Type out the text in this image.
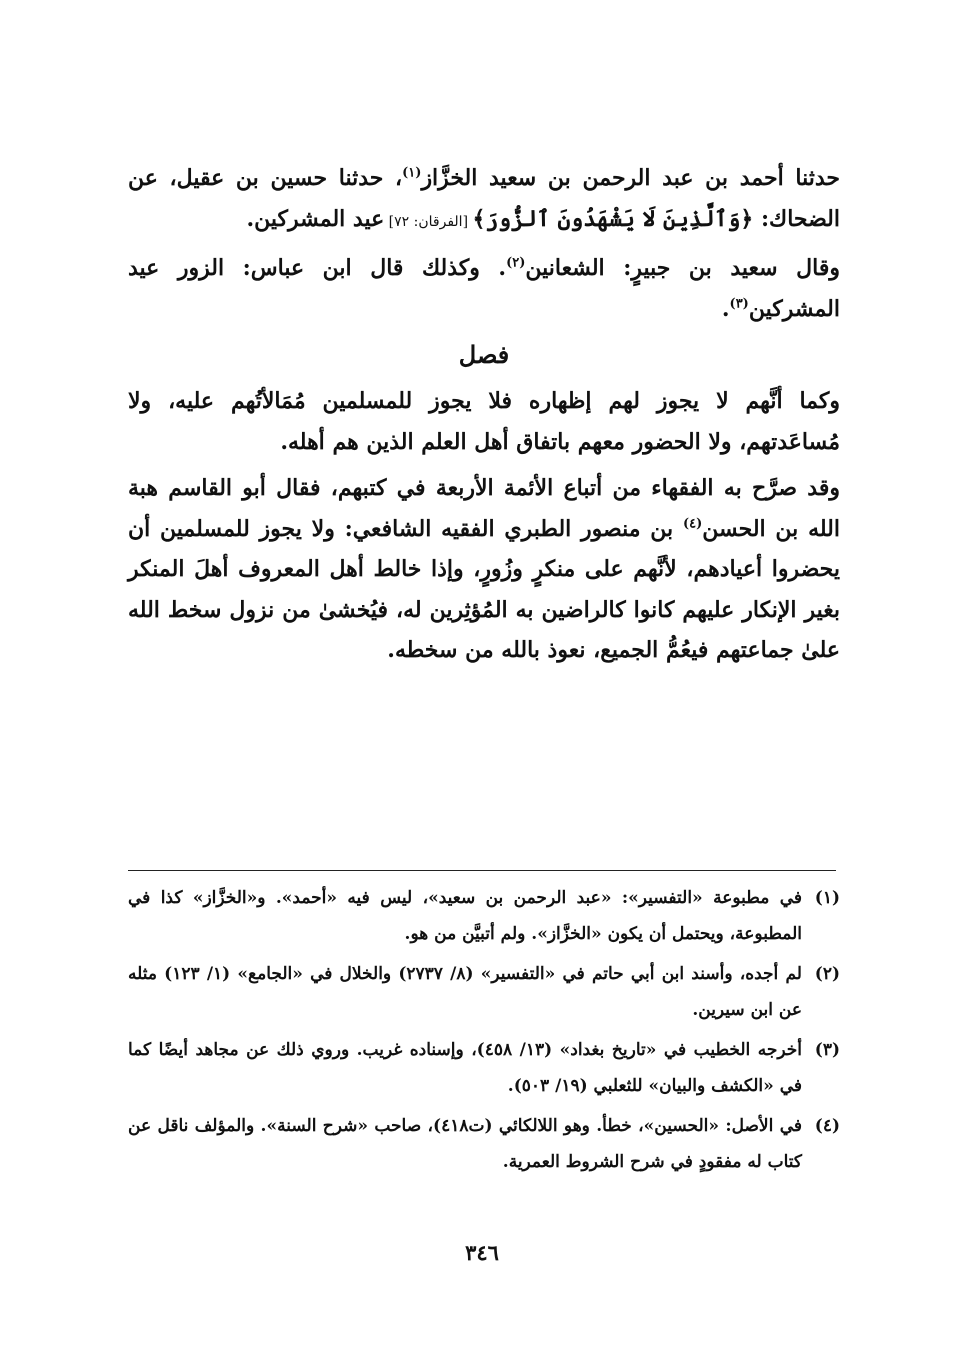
حدثنا أحمد بن عبد الرحمن بن سعيد الخزَّاز$^{(١)}$، حدثنا حسين بن عقيل، عن الضحاك: ﴿وَٱلَّذِينَ لَا يَشْهَدُونَ ٱلزُّورَ﴾ [الفرقان: ٧٢] عيد المشركين.

وقال سعيد بن جبيرٍ: الشعانين$^{(٢)}$. وكذلك قال ابن عباس: الزور عيد المشركين$^{(٣)}$.

فصل

وكما أنَّهم لا يجوز لهم إظهاره فلا يجوز للمسلمين مُمَالأتُهم عليه، ولا مُساعَدتهم، ولا الحضور معهم باتفاق أهل العلم الذين هم أهله.

وقد صرَّح به الفقهاء من أتباع الأئمة الأربعة في كتبهم، فقال أبو القاسم هبة الله بن الحسن$^{(٤)}$ بن منصور الطبري الفقيه الشافعي: ولا يجوز للمسلمين أن يحضروا أعيادهم، لأنَّهم على منكرٍ وزُورٍ، وإذا خالط أهل المعروف أهلَ المنكر بغير الإنكار عليهم كانوا كالراضين به المُؤثِرين له، فيُخشىٰ من نزول سخط الله علىٰ جماعتهم فيعُمُّ الجميع، نعوذ بالله من سخطه.

(١)
في مطبوعة «التفسير»: «عبد الرحمن بن سعيد»، ليس فيه «أحمد». و«الخزَّاز» كذا في المطبوعة، ويحتمل أن يكون «الخزَّاز». ولم أتبيَّن من هو.
(٢)
لم أجده، وأسند ابن أبي حاتم في «التفسير» (٨/ ٢٧٣٧) والخلال في «الجامع» (١/ ١٢٣) مثله عن ابن سيرين.
(٣)
أخرجه الخطيب في «تاريخ بغداد» (١٣/ ٤٥٨)، وإسناده غريب. وروي ذلك عن مجاهد أيضًا كما في «الكشف والبيان» للثعلبي (١٩/ ٥٠٣).
(٤)
في الأصل: «الحسين»، خطأ. وهو اللالكائي (ت٤١٨)، صاحب «شرح السنة». والمؤلف ناقل عن كتاب له مفقودٍ في شرح الشروط العمرية.
٣٤٦
